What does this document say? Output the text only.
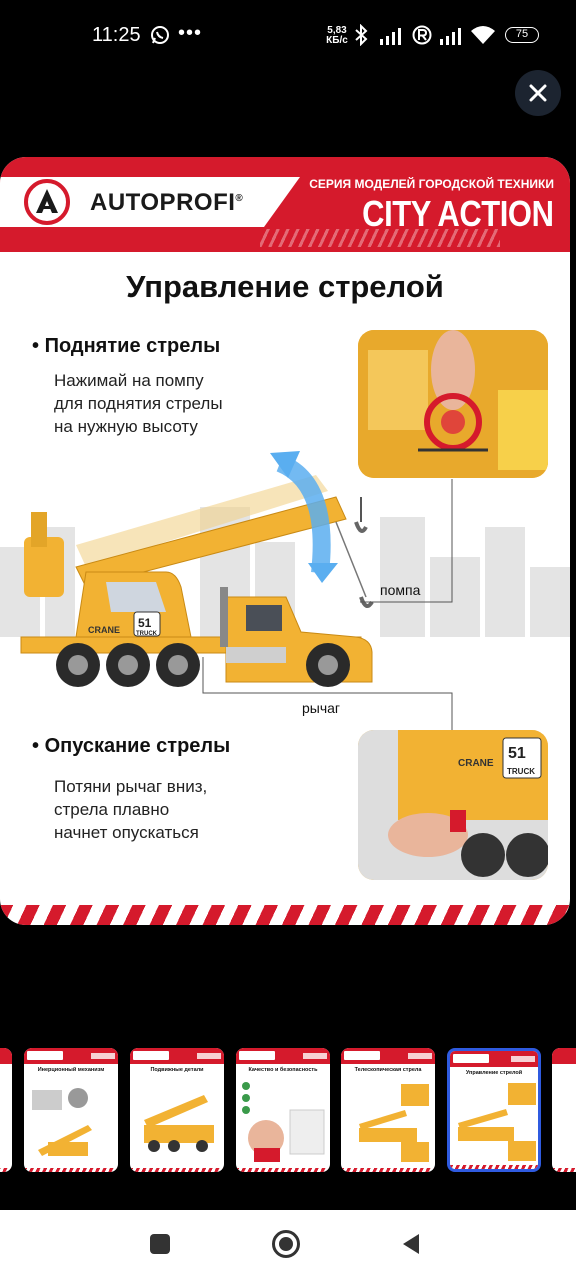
11:25 •••	5,83
КБ/с
75
AUTOPROFI®
СЕРИЯ МОДЕЛЕЙ ГОРОДСКОЙ ТЕХНИКИ
CITY ACTION
Управление стрелой
• Поднятие стрелы
Нажимай на помпу
для поднятия стрелы
на нужную высоту
• Опускание стрелы
Потяни рычаг вниз,
стрела плавно
начнет опускаться
CRANE 51
TRUCK
51
TRUCK
CRANE
помпа
рычаг
Инерционный механизм	Подвижные детали	Качество и безопасность	Телескопическая стрела	Управление стрелой
